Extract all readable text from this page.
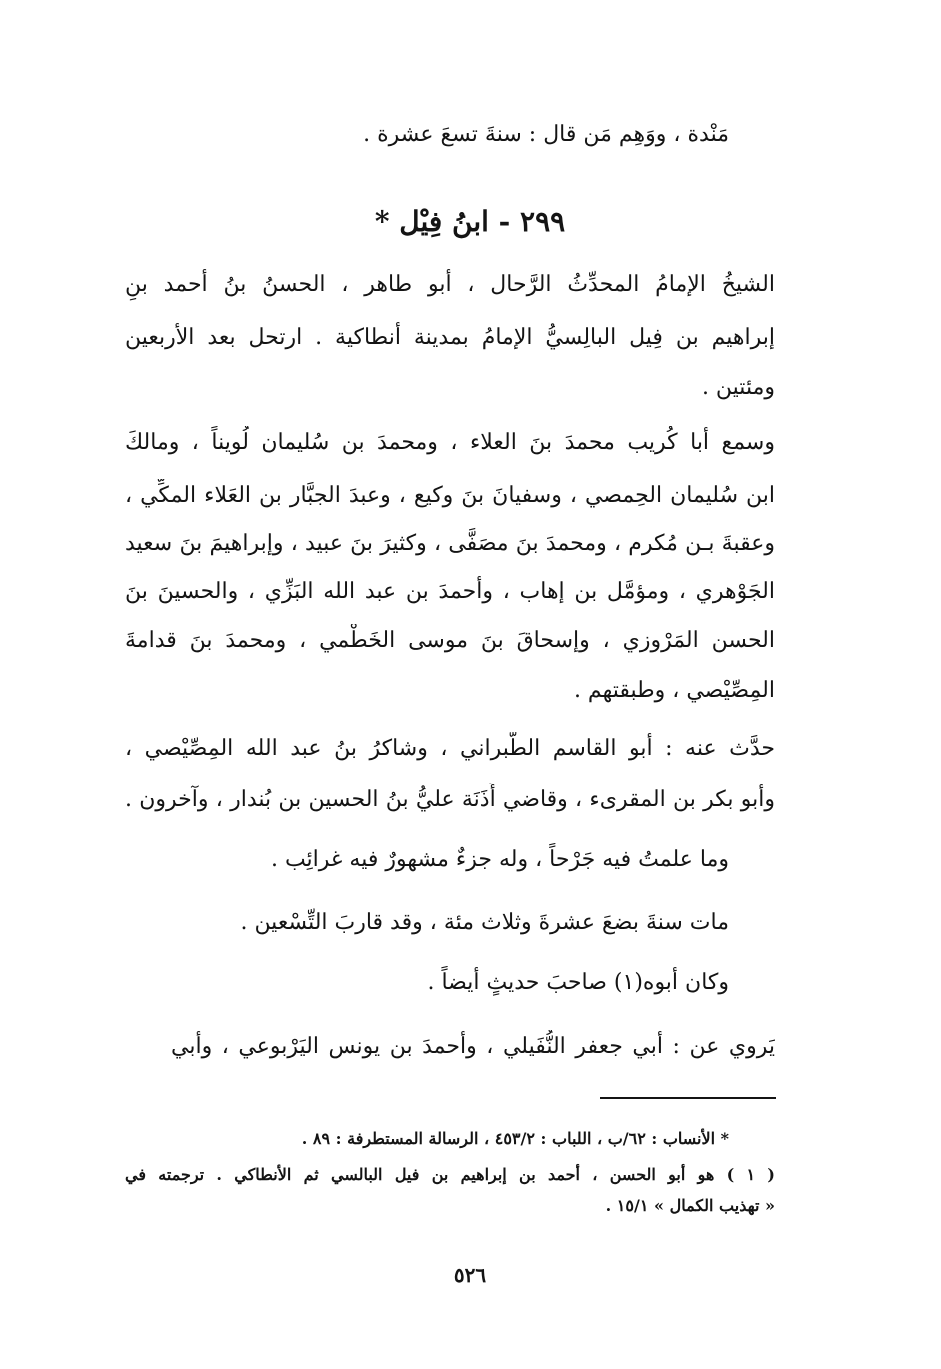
مَنْدة ، ووَهِم مَن قال : سنةَ تسعَ عشرة .
٢٩٩ - ابنُ فِيْل *
الشيخُ الإمامُ المحدِّثُ الرَّحال ، أبو طاهر ، الحسنُ بنُ أحمد بنِ
إبراهيم بن فِيل البالِسيُّ الإمامُ بمدينة أنطاكية . ارتحل بعد الأربعين
ومئتين .
وسمع أبا كُريب محمدَ بنَ العلاء ، ومحمدَ بن سُليمان لُويناً ، ومالكَ
ابن سُليمان الحِمصي ، وسفيانَ بنَ وكيع ، وعبدَ الجبَّار بن العَلاء المكِّي ،
وعقبةَ بـن مُكرم ، ومحمدَ بنَ مصَفَّى ، وكثيرَ بنَ عبيد ، وإبراهيمَ بنَ سعيد
الجَوْهري ، ومؤمَّل بن إهاب ، وأحمدَ بن عبد الله البَزِّي ، والحسينَ بنَ
الحسن المَرْوزي ، وإسحاقَ بنَ موسى الخَطْمي ، ومحمدَ بنَ قدامةَ
المِصِّيْصي ، وطبقتهم .
حدَّث عنه : أبو القاسم الطَّبراني ، وشاكرُ بنُ عبد الله المِصِّيْصي ،
وأبو بكر بن المقرىء ، وقاضي أَذَنَة عليُّ بنُ الحسين بن بُندار ، وآخرون .
وما علمتُ فيه جَرْحاً ، وله جزءٌ مشهورٌ فيه غرائِب .
مات سنةَ بضعَ عشرةَ وثلاث مئة ، وقد قاربَ التِّسْعين .
وكان أبوه(١) صاحبَ حديثٍ أيضاً .
يَروي عن : أبي جعفر النُّفَيلي ، وأحمدَ بن يونس اليَرْبوعي ، وأبي
* الأنساب : ٦٢/ب ، اللباب : ٤٥٣/٢ ، الرسالة المستطرفة : ٨٩ .
( ١ ) هو أبو الحسن ، أحمد بن إبراهيم بن فيل البالسي ثم الأنطاكي . ترجمته في
« تهذيب الكمال » ١٥/١ .
٥٢٦
